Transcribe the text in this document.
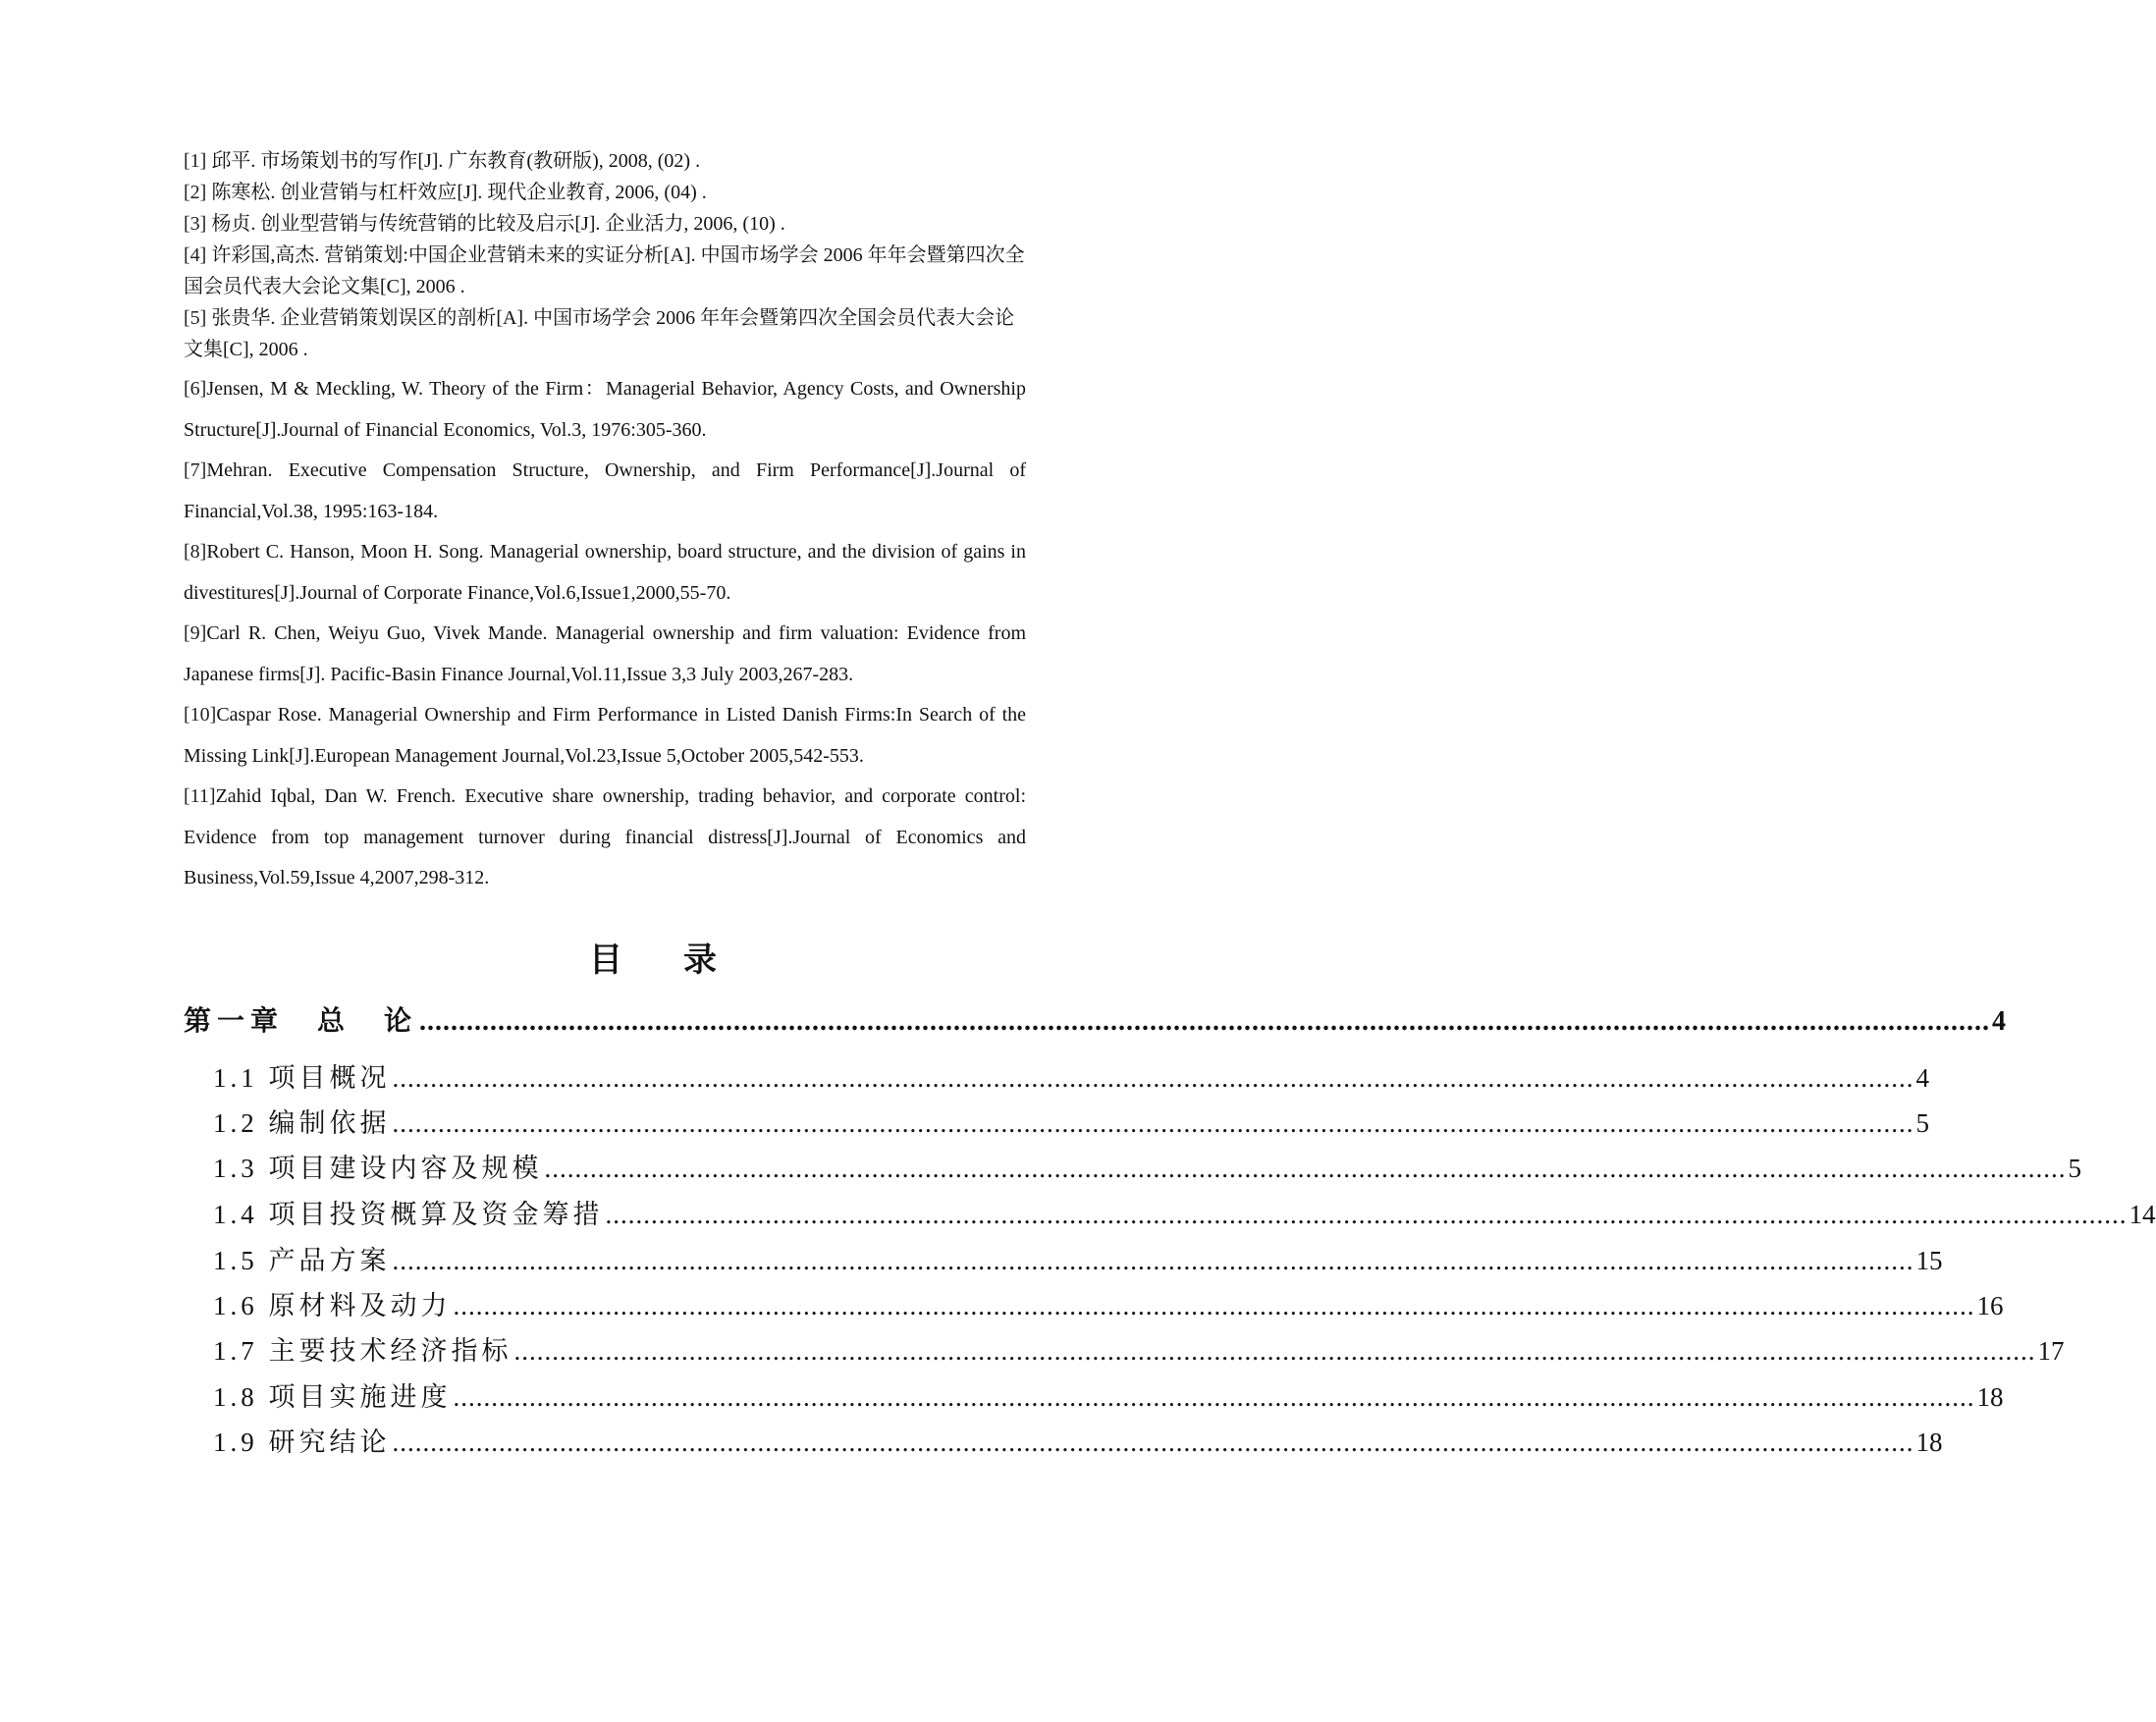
[1] 邱平. 市场策划书的写作[J]. 广东教育(教研版), 2008, (02) .

[2] 陈寒松. 创业营销与杠杆效应[J]. 现代企业教育, 2006, (04) .

[3] 杨贞. 创业型营销与传统营销的比较及启示[J]. 企业活力, 2006, (10) .

[4] 许彩国,高杰. 营销策划:中国企业营销未来的实证分析[A]. 中国市场学会 2006 年年会暨第四次全国会员代表大会论文集[C], 2006 .

[5] 张贵华. 企业营销策划误区的剖析[A]. 中国市场学会 2006 年年会暨第四次全国会员代表大会论文集[C], 2006 .

[6]Jensen, M & Meckling, W. Theory of the Firm：Managerial Behavior, Agency Costs, and Ownership Structure[J].Journal of Financial Economics, Vol.3, 1976:305-360.

[7]Mehran. Executive Compensation Structure, Ownership, and Firm Performance[J].Journal of Financial,Vol.38, 1995:163-184.

[8]Robert C. Hanson, Moon H. Song. Managerial ownership, board structure, and the division of gains in divestitures[J].Journal of Corporate Finance,Vol.6,Issue1,2000,55-70.

[9]Carl R. Chen, Weiyu Guo, Vivek Mande. Managerial ownership and firm valuation: Evidence from Japanese firms[J]. Pacific-Basin Finance Journal,Vol.11,Issue 3,3 July 2003,267-283.

[10]Caspar Rose. Managerial Ownership and Firm Performance in Listed Danish Firms:In Search of the Missing Link[J].European Management Journal,Vol.23,Issue 5,October 2005,542-553.

[11]Zahid Iqbal, Dan W. French. Executive share ownership, trading behavior, and corporate control: Evidence from top management turnover during financial distress[J].Journal of Economics and Business,Vol.59,Issue 4,2007,298-312.

目 录
第一章　总　论 ........................................................................................................................................................................................................ 4
1.1 项目概况 ........................................................................................................................................................................................................ 4
1.2 编制依据 ........................................................................................................................................................................................................ 5
1.3 项目建设内容及规模 ........................................................................................................................................................................................................ 5
1.4 项目投资概算及资金筹措 ........................................................................................................................................................................................................ 14
1.5 产品方案 ........................................................................................................................................................................................................ 15
1.6 原材料及动力 ........................................................................................................................................................................................................ 16
1.7 主要技术经济指标 ........................................................................................................................................................................................................ 17
1.8 项目实施进度 ........................................................................................................................................................................................................ 18
1.9 研究结论 ........................................................................................................................................................................................................ 18
